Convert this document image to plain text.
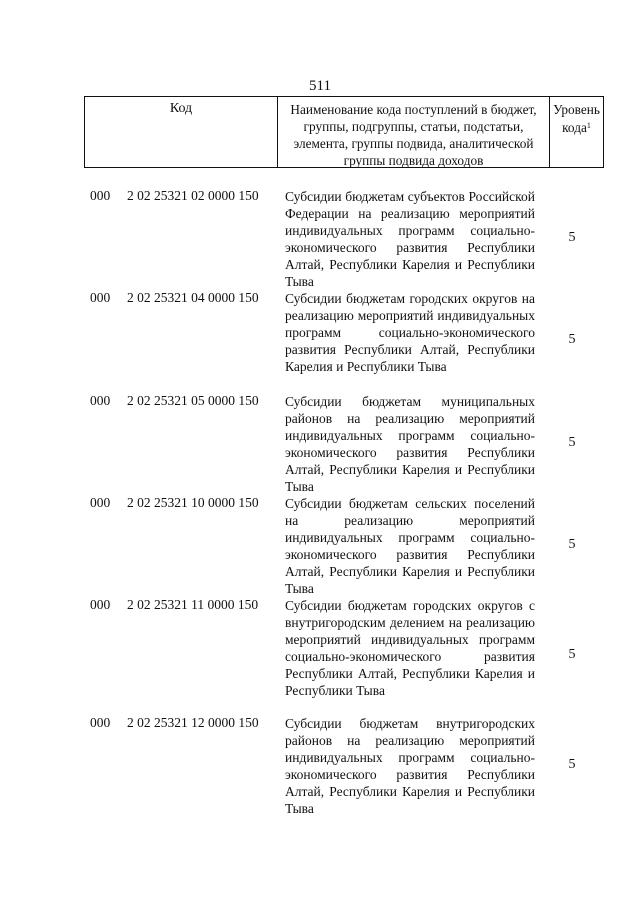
511
Код	Наименование кода поступлений в бюджет, группы, подгруппы, статьи, подстатьи, элемента, группы подвида, аналитической группы подвида доходов
Уровень кода$^1$
000 2 02 25321 02 0000 150 Субсидии бюджетам субъектов Российской Федерации на реализацию мероприятий индивидуальных программ социально-экономического развития Республики Алтай, Республики Карелия и Республики Тыва
5
000 2 02 25321 04 0000 150 Субсидии бюджетам городских округов на реализацию мероприятий индивидуальных программ социально-экономического развития Республики Алтай, Республики Карелия и Республики Тыва
5
000 2 02 25321 05 0000 150 Субсидии бюджетам муниципальных районов на реализацию мероприятий индивидуальных программ социально-экономического развития Республики Алтай, Республики Карелия и Республики Тыва
5
000 2 02 25321 10 0000 150 Субсидии бюджетам сельских поселений на реализацию мероприятий индивидуальных программ социально-экономического развития Республики Алтай, Республики Карелия и Республики Тыва
5
000 2 02 25321 11 0000 150 Субсидии бюджетам городских округов с внутригородским делением на реализацию мероприятий индивидуальных программ социально-экономического развития Республики Алтай, Республики Карелия и Республики Тыва
5
000 2 02 25321 12 0000 150 Субсидии бюджетам внутригородских районов на реализацию мероприятий индивидуальных программ социально-экономического развития Республики Алтай, Республики Карелия и Республики Тыва
5
